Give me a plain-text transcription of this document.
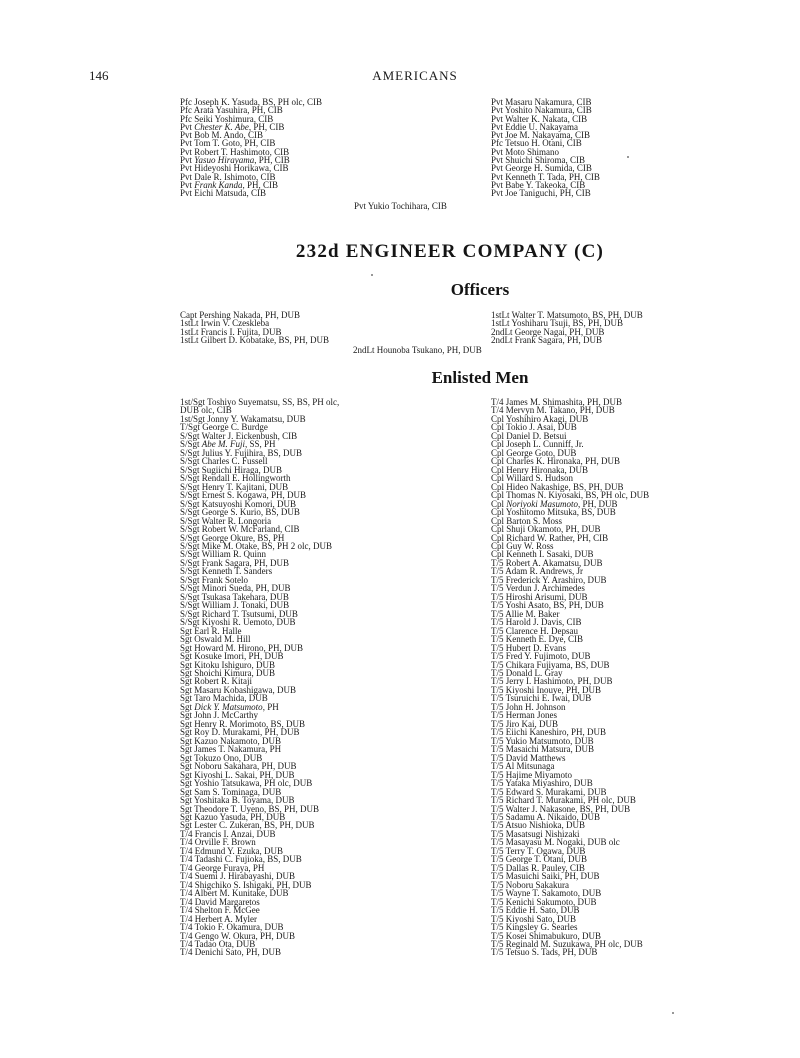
146	AMERICANS
Pfc Joseph K. Yasuda, BS, PH olc, CIB
Pfc Arata Yasuhira, PH, CIB
Pfc Seiki Yoshimura, CIB
Pvt Chester K. Abe, PH, CIB
Pvt Bob M. Ando, CIB
Pvt Tom T. Goto, PH, CIB
Pvt Robert T. Hashimoto, CIB
Pvt Yasuo Hirayama, PH, CIB
Pvt Hideyoshi Horikawa, CIB
Pvt Dale R. Ishimoto, CIB
Pvt Frank Kanda, PH, CIB
Pvt Eichi Matsuda, CIB
Pvt Masaru Nakamura, CIB
Pvt Yoshito Nakamura, CIB
Pvt Walter K. Nakata, CIB
Pvt Eddie U. Nakayama
Pvt Joe M. Nakayama, CIB
Pfc Tetsuo H. Otani, CIB
Pvt Moto Shimano
Pvt Shuichi Shiroma, CIB
Pvt George H. Sumida, CIB
Pvt Kenneth T. Tada, PH, CIB
Pvt Babe Y. Takeoka, CIB
Pvt Joe Taniguchi, PH, CIB
Pvt Yukio Tochihara, CIB
232d ENGINEER COMPANY (C)
Officers
Capt Pershing Nakada, PH, DUB
1stLt Irwin V. Czeskleba
1stLt Francis I. Fujita, DUB
1stLt Gilbert D. Kobatake, BS, PH, DUB
1stLt Walter T. Matsumoto, BS, PH, DUB
1stLt Yoshiharu Tsuji, BS, PH, DUB
2ndLt George Nagai, PH, DUB
2ndLt Frank Sagara, PH, DUB
2ndLt Hounoba Tsukano, PH, DUB
Enlisted Men
1st/Sgt Toshiyo Suyematsu, SS, BS, PH olc,
DUB olc, CIB
1st/Sgt Jonny Y. Wakamatsu, DUB
T/Sgt George C. Burdge
S/Sgt Walter J. Eickenbush, CIB
S/Sgt Abe M. Fuji, SS, PH
S/Sgt Julius Y. Fujihira, BS, DUB
S/Sgt Charles C. Fussell
S/Sgt Sugiichi Hiraga, DUB
S/Sgt Rendall E. Hollingworth
S/Sgt Henry T. Kajitani, DUB
S/Sgt Ernest S. Kogawa, PH, DUB
S/Sgt Katsuyoshi Komori, DUB
S/Sgt George S. Kurio, BS, DUB
S/Sgt Walter R. Longoria
S/Sgt Robert W. McFarland, CIB
S/Sgt George Okure, BS, PH
S/Sgt Mike M. Otake, BS, PH 2 olc, DUB
S/Sgt William R. Quinn
S/Sgt Frank Sagara, PH, DUB
S/Sgt Kenneth T. Sanders
S/Sgt Frank Sotelo
S/Sgt Minori Sueda, PH, DUB
S/Sgt Tsukasa Takehara, DUB
S/Sgt William J. Tonaki, DUB
S/Sgt Richard T. Tsutsumi, DUB
S/Sgt Kiyoshi R. Uemoto, DUB
Sgt Earl R. Halle
Sgt Oswald M. Hill
Sgt Howard M. Hirono, PH, DUB
Sgt Kosuke Imori, PH, DUB
Sgt Kitoku Ishiguro, DUB
Sgt Shoichi Kimura, DUB
Sgt Robert R. Kitaji
Sgt Masaru Kobashigawa, DUB
Sgt Taro Machida, DUB
Sgt Dick Y. Matsumoto, PH
Sgt John J. McCarthy
Sgt Henry R. Morimoto, BS, DUB
Sgt Roy D. Murakami, PH, DUB
Sgt Kazuo Nakamoto, DUB
Sgt James T. Nakamura, PH
Sgt Tokuzo Ono, DUB
Sgt Noboru Sakahara, PH, DUB
Sgt Kiyoshi L. Sakai, PH, DUB
Sgt Yoshio Tatsukawa, PH olc, DUB
Sgt Sam S. Tominaga, DUB
Sgt Yoshitaka B. Toyama, DUB
Sgt Theodore T. Uyeno, BS, PH, DUB
Sgt Kazuo Yasuda, PH, DUB
Sgt Lester C. Zukeran, BS, PH, DUB
T/4 Francis I. Anzai, DUB
T/4 Orville F. Brown
T/4 Edmund Y. Ezuka, DUB
T/4 Tadashi C. Fujioka, BS, DUB
T/4 George Furaya, PH
T/4 Suemi J. Hirabayashi, DUB
T/4 Shigchiko S. Ishigaki, PH, DUB
T/4 Albert M. Kunitake, DUB
T/4 David Margaretos
T/4 Shelton F. McGee
T/4 Herbert A. Myler
T/4 Tokio F. Okamura, DUB
T/4 Gengo W. Okura, PH, DUB
T/4 Tadao Ota, DUB
T/4 Denichi Sato, PH, DUB
T/4 James M. Shimashita, PH, DUB
T/4 Mervyn M. Takano, PH, DUB
Cpl Yoshihiro Akagi, DUB
Cpl Tokio J. Asai, DUB
Cpl Daniel D. Betsui
Cpl Joseph L. Cunniff, Jr.
Cpl George Goto, DUB
Cpl Charles K. Hironaka, PH, DUB
Cpl Henry Hironaka, DUB
Cpl Willard S. Hudson
Cpl Hideo Nakashige, BS, PH, DUB
Cpl Thomas N. Kiyosaki, BS, PH olc, DUB
Cpl Noriyoki Masumoto, PH, DUB
Cpl Yoshitomo Mitsuka, BS, DUB
Cpl Barton S. Moss
Cpl Shuji Okamoto, PH, DUB
Cpl Richard W. Rather, PH, CIB
Cpl Guy W. Ross
Cpl Kenneth I. Sasaki, DUB
T/5 Robert A. Akamatsu, DUB
T/5 Adam R. Andrews, Jr
T/5 Frederick Y. Arashiro, DUB
T/5 Verdun J. Archimedes
T/5 Hiroshi Arisumi, DUB
T/5 Yoshi Asato, BS, PH, DUB
T/5 Allie M. Baker
T/5 Harold J. Davis, CIB
T/5 Clarence H. Depsau
T/5 Kenneth E. Dye, CIB
T/5 Hubert D. Evans
T/5 Fred Y. Fujimoto, DUB
T/5 Chikara Fujiyama, BS, DUB
T/5 Donald L. Gray
T/5 Jerry I. Hashimoto, PH, DUB
T/5 Kiyoshi Inouye, PH, DUB
T/5 Tsuruichi E. Iwai, DUB
T/5 John H. Johnson
T/5 Herman Jones
T/5 Jiro Kai, DUB
T/5 Eiichi Kaneshiro, PH, DUB
T/5 Yukio Matsumoto, DUB
T/5 Masaichi Matsura, DUB
T/5 David Matthews
T/5 Al Mitsunaga
T/5 Hajime Miyamoto
T/5 Yataka Miyashiro, DUB
T/5 Edward S. Murakami, DUB
T/5 Richard T. Murakami, PH olc, DUB
T/5 Walter J. Nakasone, BS, PH, DUB
T/5 Sadamu A. Nikaido, DUB
T/5 Atsuo Nishioka, DUB
T/5 Masatsugi Nishizaki
T/5 Masayasu M. Nogaki, DUB olc
T/5 Terry T. Ogawa, DUB
T/5 George T. Otani, DUB
T/5 Dallas R. Pauley, CIB
T/5 Masuichi Saiki, PH, DUB
T/5 Noboru Sakakura
T/5 Wayne T. Sakamoto, DUB
T/5 Kenichi Sakumoto, DUB
T/5 Eddie H. Sato, DUB
T/5 Kiyoshi Sato, DUB
T/5 Kingsley G. Searles
T/5 Kosei Shimabukuro, DUB
T/5 Reginald M. Suzukawa, PH olc, DUB
T/5 Tetsuo S. Tads, PH, DUB
